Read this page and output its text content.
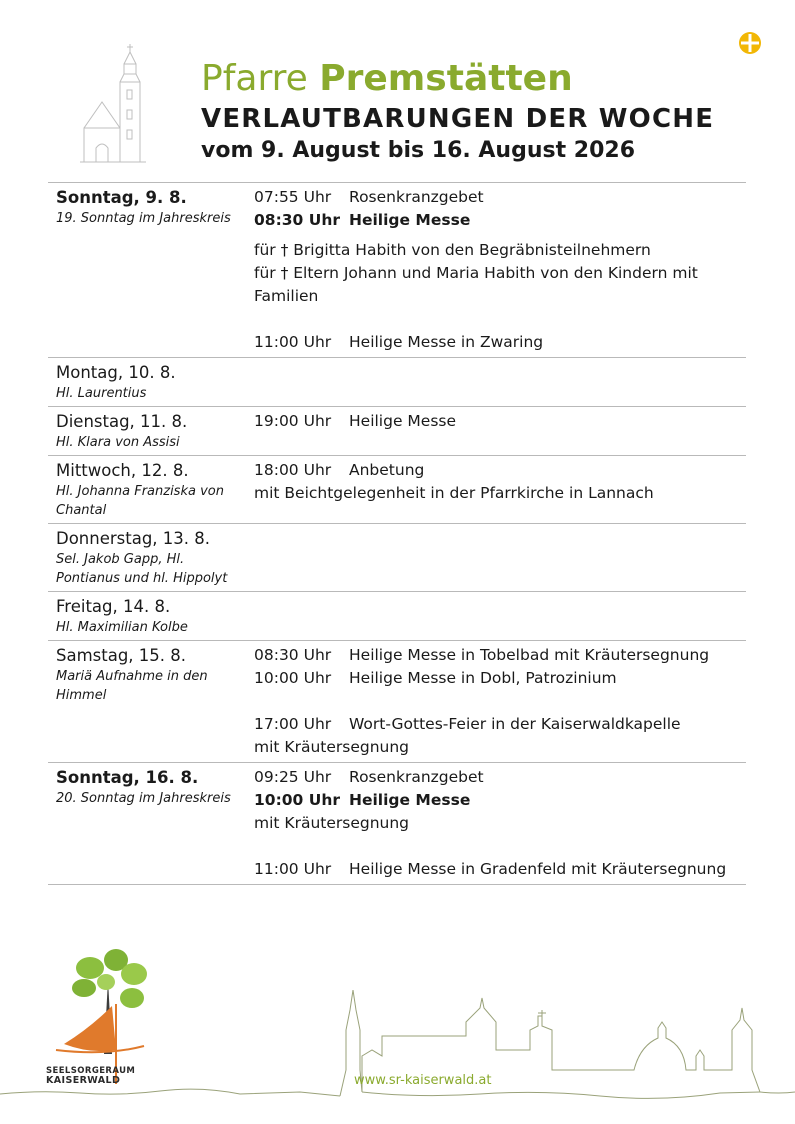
Pfarre Premstätten
VERLAUTBARUNGEN DER WOCHE
vom 9. August bis 16. August 2026
Sonntag, 9. 8.
19. Sonntag im Jahreskreis
07:55 Uhr	Rosenkranzgebet
08:30 Uhr Heilige Messe
für † Brigitta Habith von den Begräbnisteilnehmern
für † Eltern Johann und Maria Habith von den Kindern mit
Familien
11:00 Uhr	Heilige Messe in Zwaring
Montag, 10. 8.
Hl. Laurentius
Dienstag, 11. 8.
Hl. Klara von Assisi
19:00 Uhr	Heilige Messe
Mittwoch, 12. 8.
Hl. Johanna Franziska von
Chantal
18:00 Uhr	Anbetung
mit Beichtgelegenheit in der Pfarrkirche in Lannach
Donnerstag, 13. 8.
Sel. Jakob Gapp, Hl.
Pontianus und hl. Hippolyt
Freitag, 14. 8.
Hl. Maximilian Kolbe
Samstag, 15. 8.
Mariä Aufnahme in den
Himmel
08:30 Uhr	Heilige Messe in Tobelbad mit Kräutersegnung
10:00 Uhr	Heilige Messe in Dobl, Patrozinium
17:00 Uhr	Wort-Gottes-Feier in der Kaiserwaldkapelle
mit Kräutersegnung
Sonntag, 16. 8.
20. Sonntag im Jahreskreis
09:25 Uhr	Rosenkranzgebet
10:00 Uhr Heilige Messe
mit Kräutersegnung
11:00 Uhr	Heilige Messe in Gradenfeld mit Kräutersegnung
SEELSORGERAUM
KAISERWALD	www.sr-kaiserwald.at
